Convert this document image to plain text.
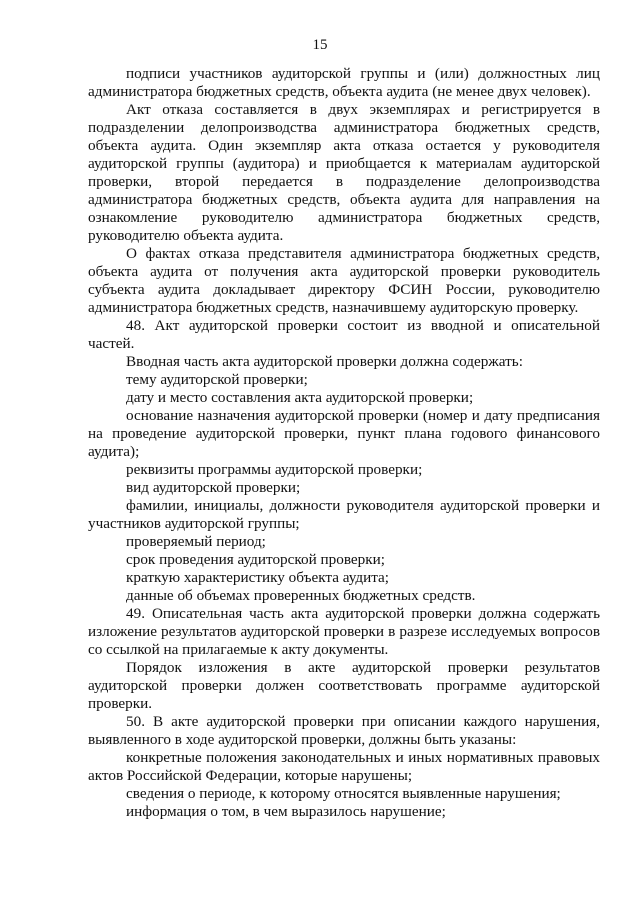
15

подписи участников аудиторской группы и (или) должностных лиц администратора бюджетных средств, объекта аудита (не менее двух человек).

Акт отказа составляется в двух экземплярах и регистрируется в подразделении делопроизводства администратора бюджетных средств, объекта аудита. Один экземпляр акта отказа остается у руководителя аудиторской группы (аудитора) и приобщается к материалам аудиторской проверки, второй передается в подразделение делопроизводства администратора бюджетных средств, объекта аудита для направления на ознакомление руководителю администратора бюджетных средств, руководителю объекта аудита.

О фактах отказа представителя администратора бюджетных средств, объекта аудита от получения акта аудиторской проверки руководитель субъекта аудита докладывает директору ФСИН России, руководителю администратора бюджетных средств, назначившему аудиторскую проверку.

48. Акт аудиторской проверки состоит из вводной и описательной частей.

Вводная часть акта аудиторской проверки должна содержать:

тему аудиторской проверки;

дату и место составления акта аудиторской проверки;

основание назначения аудиторской проверки (номер и дату предписания на проведение аудиторской проверки, пункт плана годового финансового аудита);

реквизиты программы аудиторской проверки;

вид аудиторской проверки;

фамилии, инициалы, должности руководителя аудиторской проверки и участников аудиторской группы;

проверяемый период;

срок проведения аудиторской проверки;

краткую характеристику объекта аудита;

данные об объемах проверенных бюджетных средств.

49. Описательная часть акта аудиторской проверки должна содержать изложение результатов аудиторской проверки в разрезе исследуемых вопросов со ссылкой на прилагаемые к акту документы.

Порядок изложения в акте аудиторской проверки результатов аудиторской проверки должен соответствовать программе аудиторской проверки.

50. В акте аудиторской проверки при описании каждого нарушения, выявленного в ходе аудиторской проверки, должны быть указаны:

конкретные положения законодательных и иных нормативных правовых актов Российской Федерации, которые нарушены;

сведения о периоде, к которому относятся выявленные нарушения;

информация о том, в чем выразилось нарушение;
